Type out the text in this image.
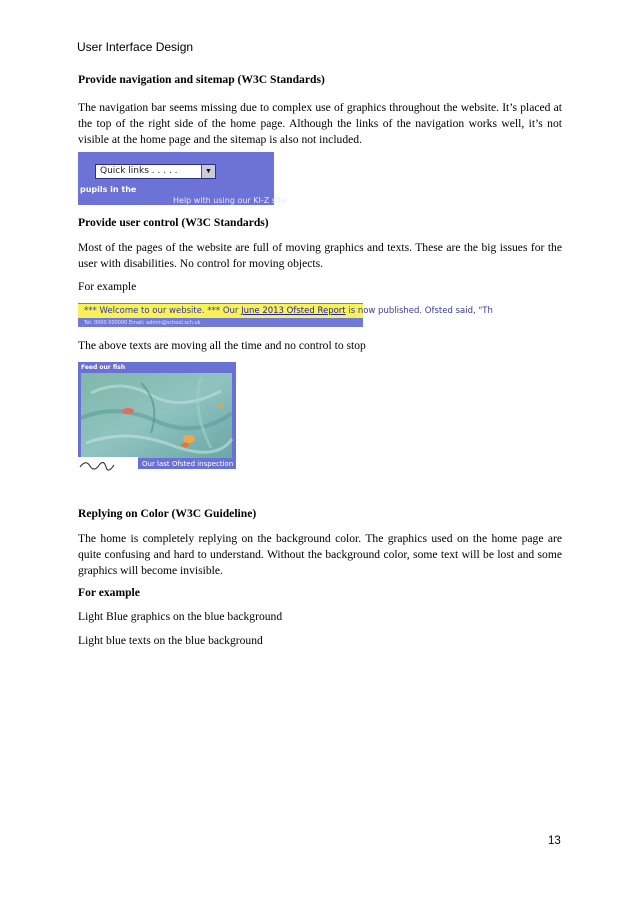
User Interface Design
Provide navigation and sitemap (W3C Standards)
The navigation bar seems missing due to complex use of graphics throughout the website. It’s placed at the top of the right side of the home page. Although the links of the navigation works well, it’s not visible at the home page and the sitemap is also not included.
Quick links . . . . .	▼
pupils in the
Help with using our KI-Z site
Provide user control (W3C Standards)
Most of the pages of the website are full of moving graphics and texts. These are the big issues for the user with disabilities. No control for moving objects.
For example
*** Welcome to our website. *** Our June 2013 Ofsted Report is now published. Ofsted said, "Th
Tel: 0000 000000 Email: admin@school.sch.uk
The above texts are moving all the time and no control to stop
Feed our fish
Our last Ofsted inspection t
Replying on Color (W3C Guideline)
The home is completely replying on the background color. The graphics used on the home page are quite confusing and hard to understand. Without the background color, some text will be lost and some graphics will become invisible.
For example
Light Blue graphics on the blue background
Light blue texts on the blue background
13
